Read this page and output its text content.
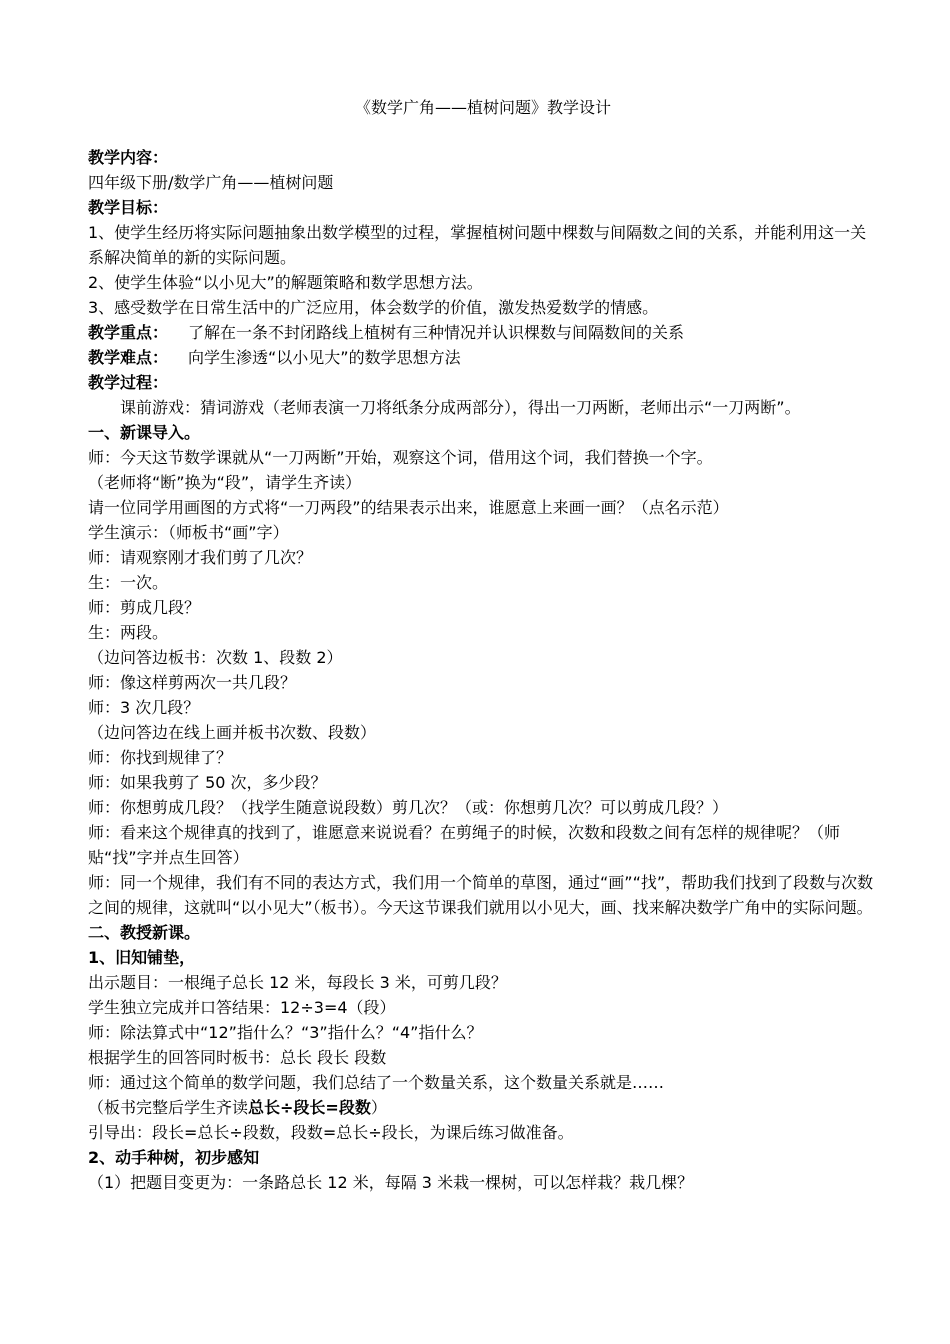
《数学广角——植树问题》教学设计
教学内容：
四年级下册/数学广角——植树问题
教学目标：
1、使学生经历将实际问题抽象出数学模型的过程，掌握植树问题中棵数与间隔数之间的关系，并能利用这一关系解决简单的新的实际问题。
2、使学生体验“以小见大”的解题策略和数学思想方法。
3、感受数学在日常生活中的广泛应用，体会数学的价值，激发热爱数学的情感。
教学重点： 了解在一条不封闭路线上植树有三种情况并认识棵数与间隔数间的关系
教学难点： 向学生渗透“以小见大”的数学思想方法
教学过程：
课前游戏：猜词游戏（老师表演一刀将纸条分成两部分），得出一刀两断，老师出示“一刀两断”。
一、新课导入。
师：今天这节数学课就从“一刀两断”开始，观察这个词，借用这个词，我们替换一个字。
（老师将“断”换为“段”，请学生齐读）
请一位同学用画图的方式将“一刀两段”的结果表示出来，谁愿意上来画一画？（点名示范）
学生演示：（师板书“画”字）
师：请观察刚才我们剪了几次？
生：一次。
师：剪成几段？
生：两段。
（边问答边板书：次数 1、段数 2）
师：像这样剪两次一共几段？
师：3 次几段？
（边问答边在线上画并板书次数、段数）
师：你找到规律了？
师：如果我剪了 50 次，多少段？
师：你想剪成几段？（找学生随意说段数）剪几次？（或：你想剪几次？可以剪成几段？）
师：看来这个规律真的找到了，谁愿意来说说看？在剪绳子的时候，次数和段数之间有怎样的规律呢？（师贴“找”字并点生回答）
师：同一个规律，我们有不同的表达方式，我们用一个简单的草图，通过“画”“找”，帮助我们找到了段数与次数之间的规律，这就叫“以小见大”（板书）。今天这节课我们就用以小见大，画、找来解决数学广角中的实际问题。
二、教授新课。
1、旧知铺垫，
出示题目：一根绳子总长 12 米，每段长 3 米，可剪几段？
学生独立完成并口答结果：12÷3=4（段）
师：除法算式中“12”指什么？“3”指什么？“4”指什么？
根据学生的回答同时板书：总长 段长 段数
师：通过这个简单的数学问题，我们总结了一个数量关系，这个数量关系就是……
（板书完整后学生齐读总长÷段长=段数）
引导出：段长=总长÷段数，段数=总长÷段长，为课后练习做准备。
2、动手种树，初步感知
（1）把题目变更为：一条路总长 12 米，每隔 3 米栽一棵树，可以怎样栽？栽几棵？
